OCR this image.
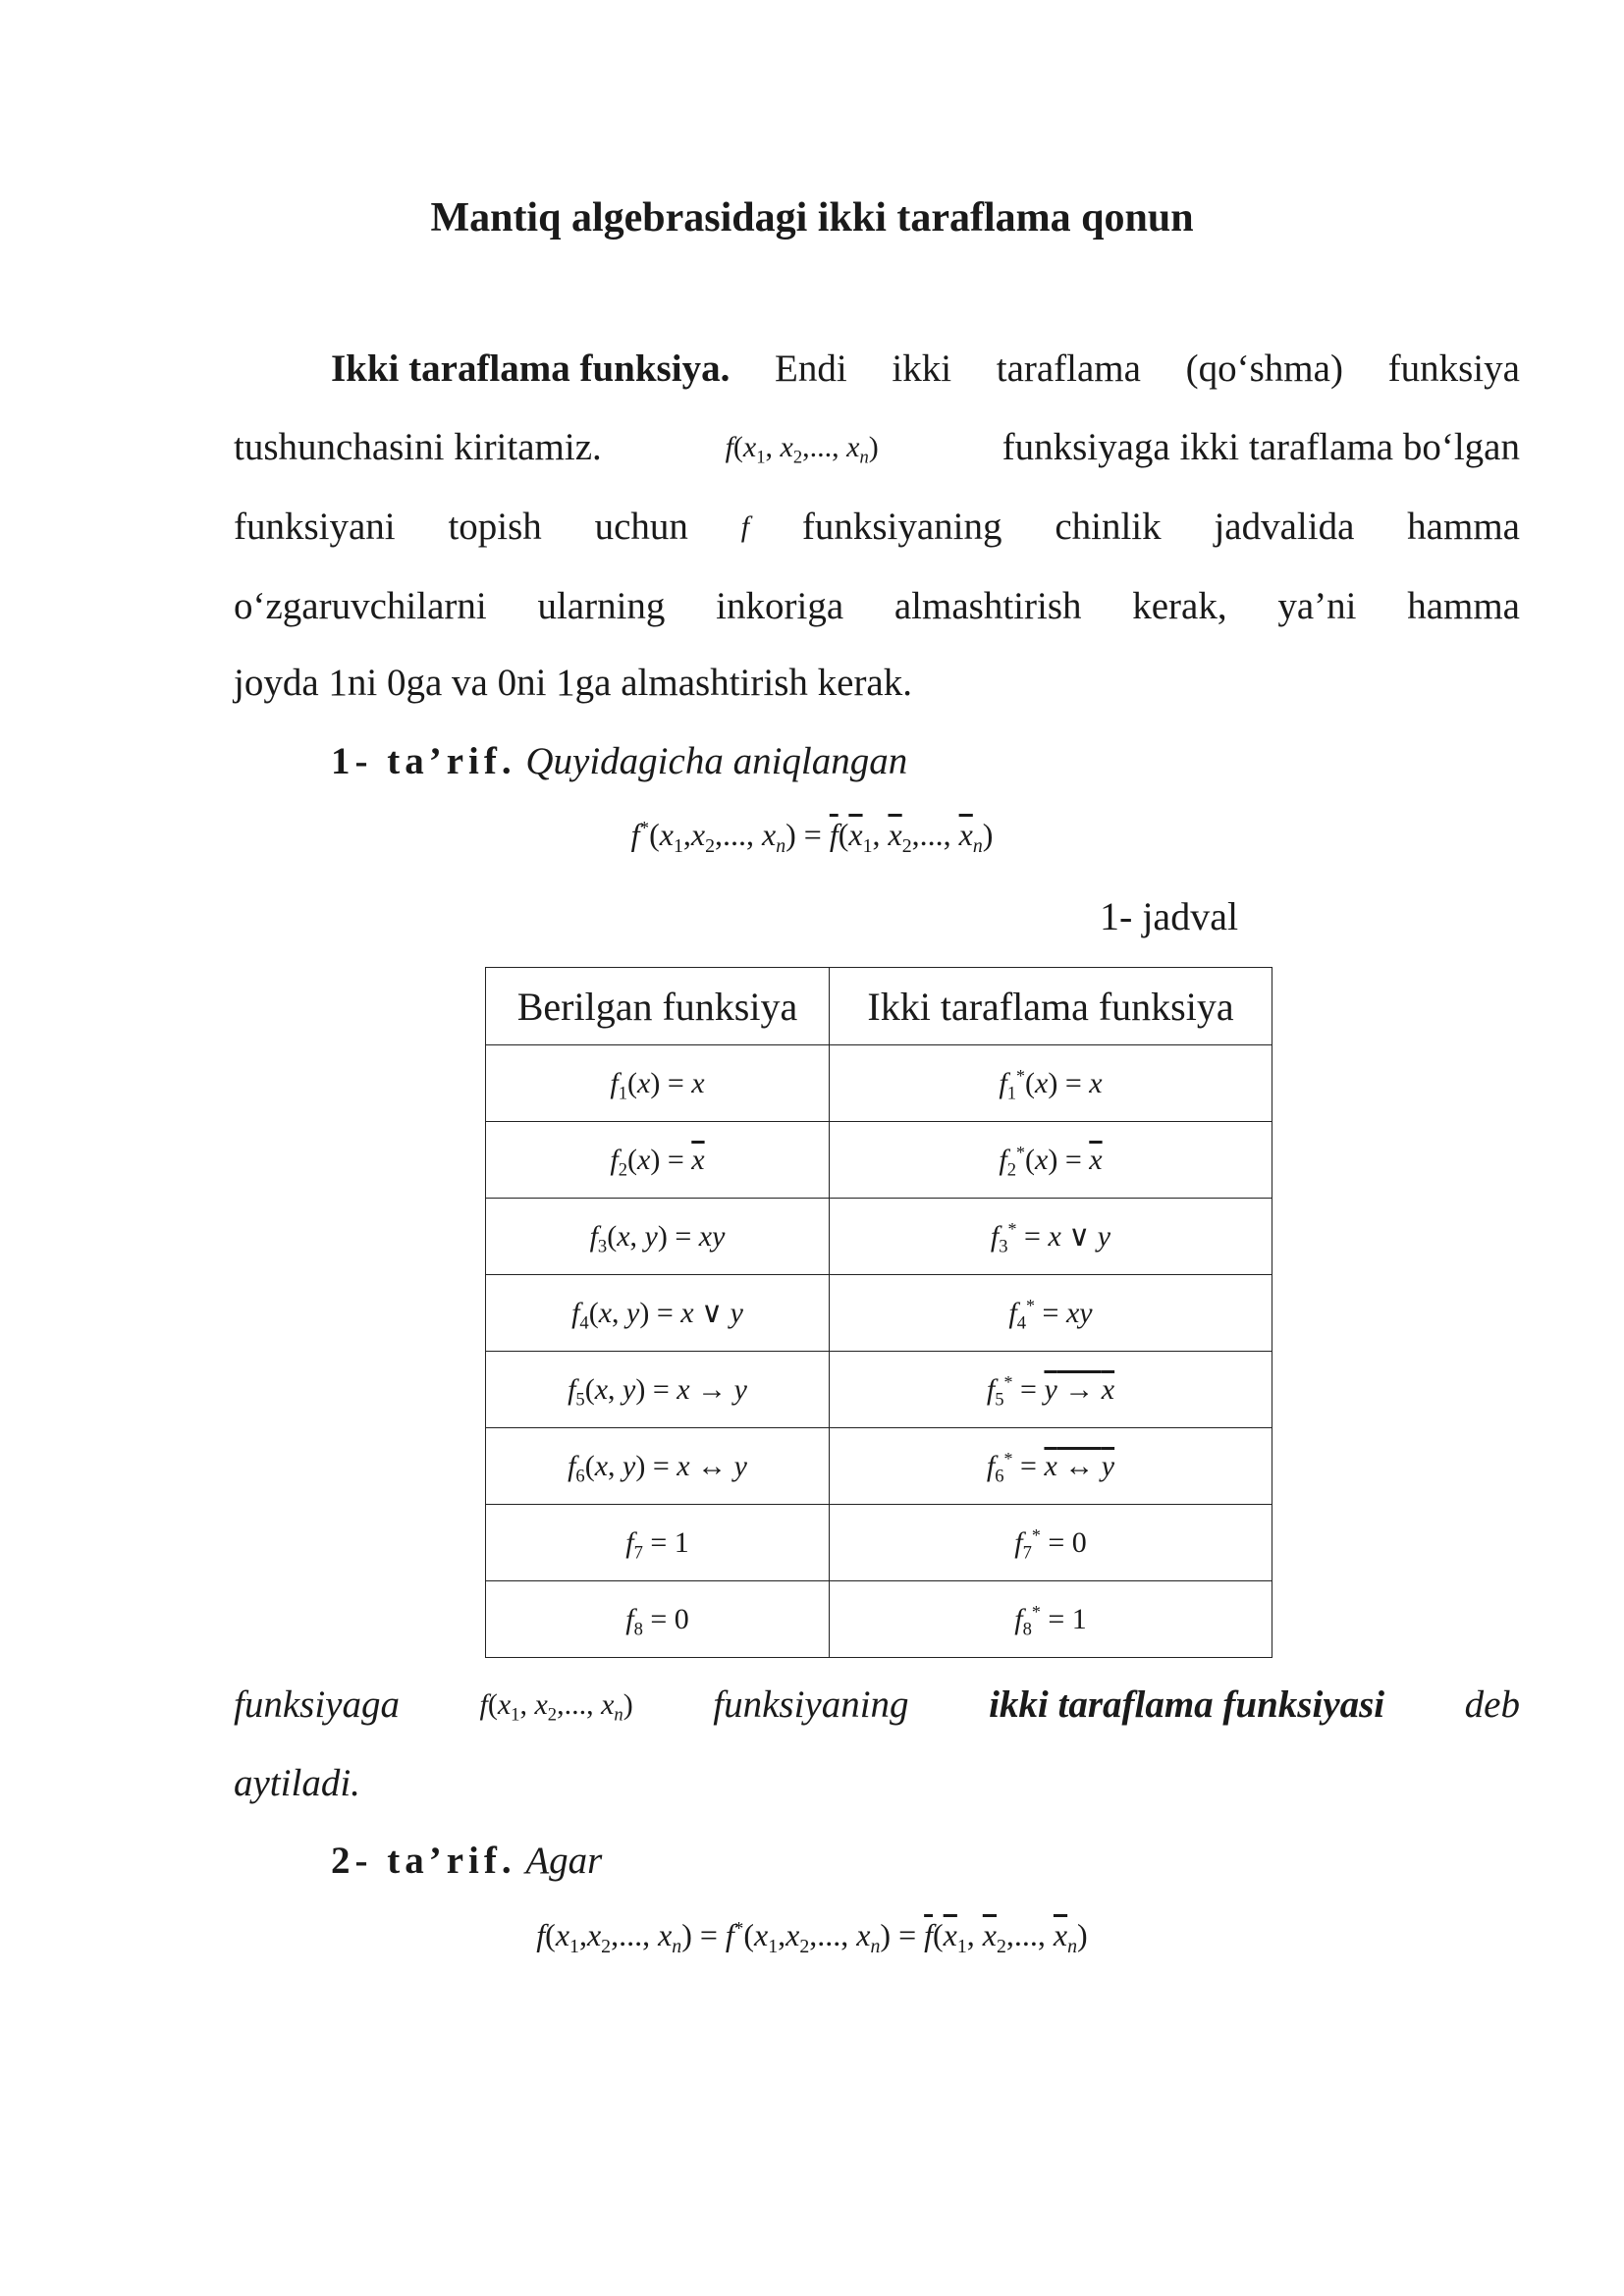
Mantiq algebrasidagi ikki taraflama qonun
Ikki taraflama funksiya. Endi ikki taraflama (qo‘shma) funksiya
tushunchasini kiritamiz.	$f(x_1$, $x_2$,..., $x_n$)	funksiyaga ikki taraflama bo‘lgan
funksiyani topish uchun f funksiyaning chinlik jadvalida hamma
o‘zgaruvchilarni ularning inkoriga almashtirish kerak, ya’ni hamma
joyda 1ni 0ga va 0ni 1ga almashtirish kerak.
1- ta’rif. Quyidagicha aniqlangan
$f^*(x_1,x_2$,..., $x_n) = \overline{f}(\overline{x}_1$, $\overline{x}_2$,..., $\overline{x}_n$)
1- jadval
Berilgan funksiya	Ikki taraflama funksiya
$f_1(x) = x$	$f_1^*(x) = x$
$f_2(x) = \overline{x}$	$f_2^*(x) = \overline{x}$
$f_3(x$, y) = xy	$f_3^* = x$ ∨ y
$f_4(x$, y) = x ∨ y	$f_4^*$ = xy
$f_5(x$, y) = x → y	$f_5^* = y \to x$
$f_6(x$, y) = x ↔ y	$f_6^* = x$ ↔ y
$f_7 = 1$	$f_7^* = 0$
$f_8 = 0$	$f_8^* = 1$
funksiyaga	$f(x_1$, $x_2$,..., $x_n$) funksiyaning ikki taraflama funksiyasi deb
aytiladi.
2- ta’rif. Agar
$f(x_1,x_2$,..., $x_n) = f^*(x_1,x_2$,..., $x_n) = \overline{f}(\overline{x}_1$, $\overline{x}_2$,..., $\overline{x}_n$)
